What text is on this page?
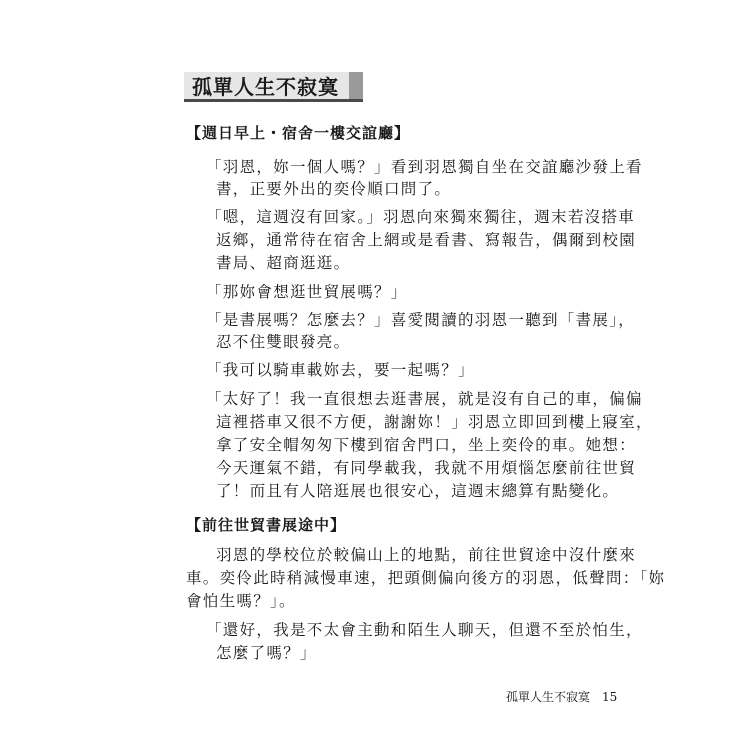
孤單人生不寂寞
【週日早上・宿舍一樓交誼廳】
「羽恩，妳一個人嗎？」看到羽恩獨自坐在交誼廳沙發上看
書，正要外出的奕伶順口問了。
「嗯，這週沒有回家。」羽恩向來獨來獨往，週末若沒搭車
返鄉，通常待在宿舍上網或是看書、寫報告，偶爾到校園
書局、超商逛逛。
「那妳會想逛世貿展嗎？」
「是書展嗎？怎麼去？」喜愛閱讀的羽恩一聽到「書展」，
忍不住雙眼發亮。
「我可以騎車載妳去，要一起嗎？」
「太好了！我一直很想去逛書展，就是沒有自己的車，偏偏
這裡搭車又很不方便，謝謝妳！」羽恩立即回到樓上寢室，
拿了安全帽匆匆下樓到宿舍門口，坐上奕伶的車。她想：
今天運氣不錯，有同學載我，我就不用煩惱怎麼前往世貿
了！而且有人陪逛展也很安心，這週末總算有點變化。
【前往世貿書展途中】
羽恩的學校位於較偏山上的地點，前往世貿途中沒什麼來
車。奕伶此時稍減慢車速，把頭側偏向後方的羽恩，低聲問：「妳
會怕生嗎？」。
「還好，我是不太會主動和陌生人聊天，但還不至於怕生，
怎麼了嗎？」
孤單人生不寂寞 15
